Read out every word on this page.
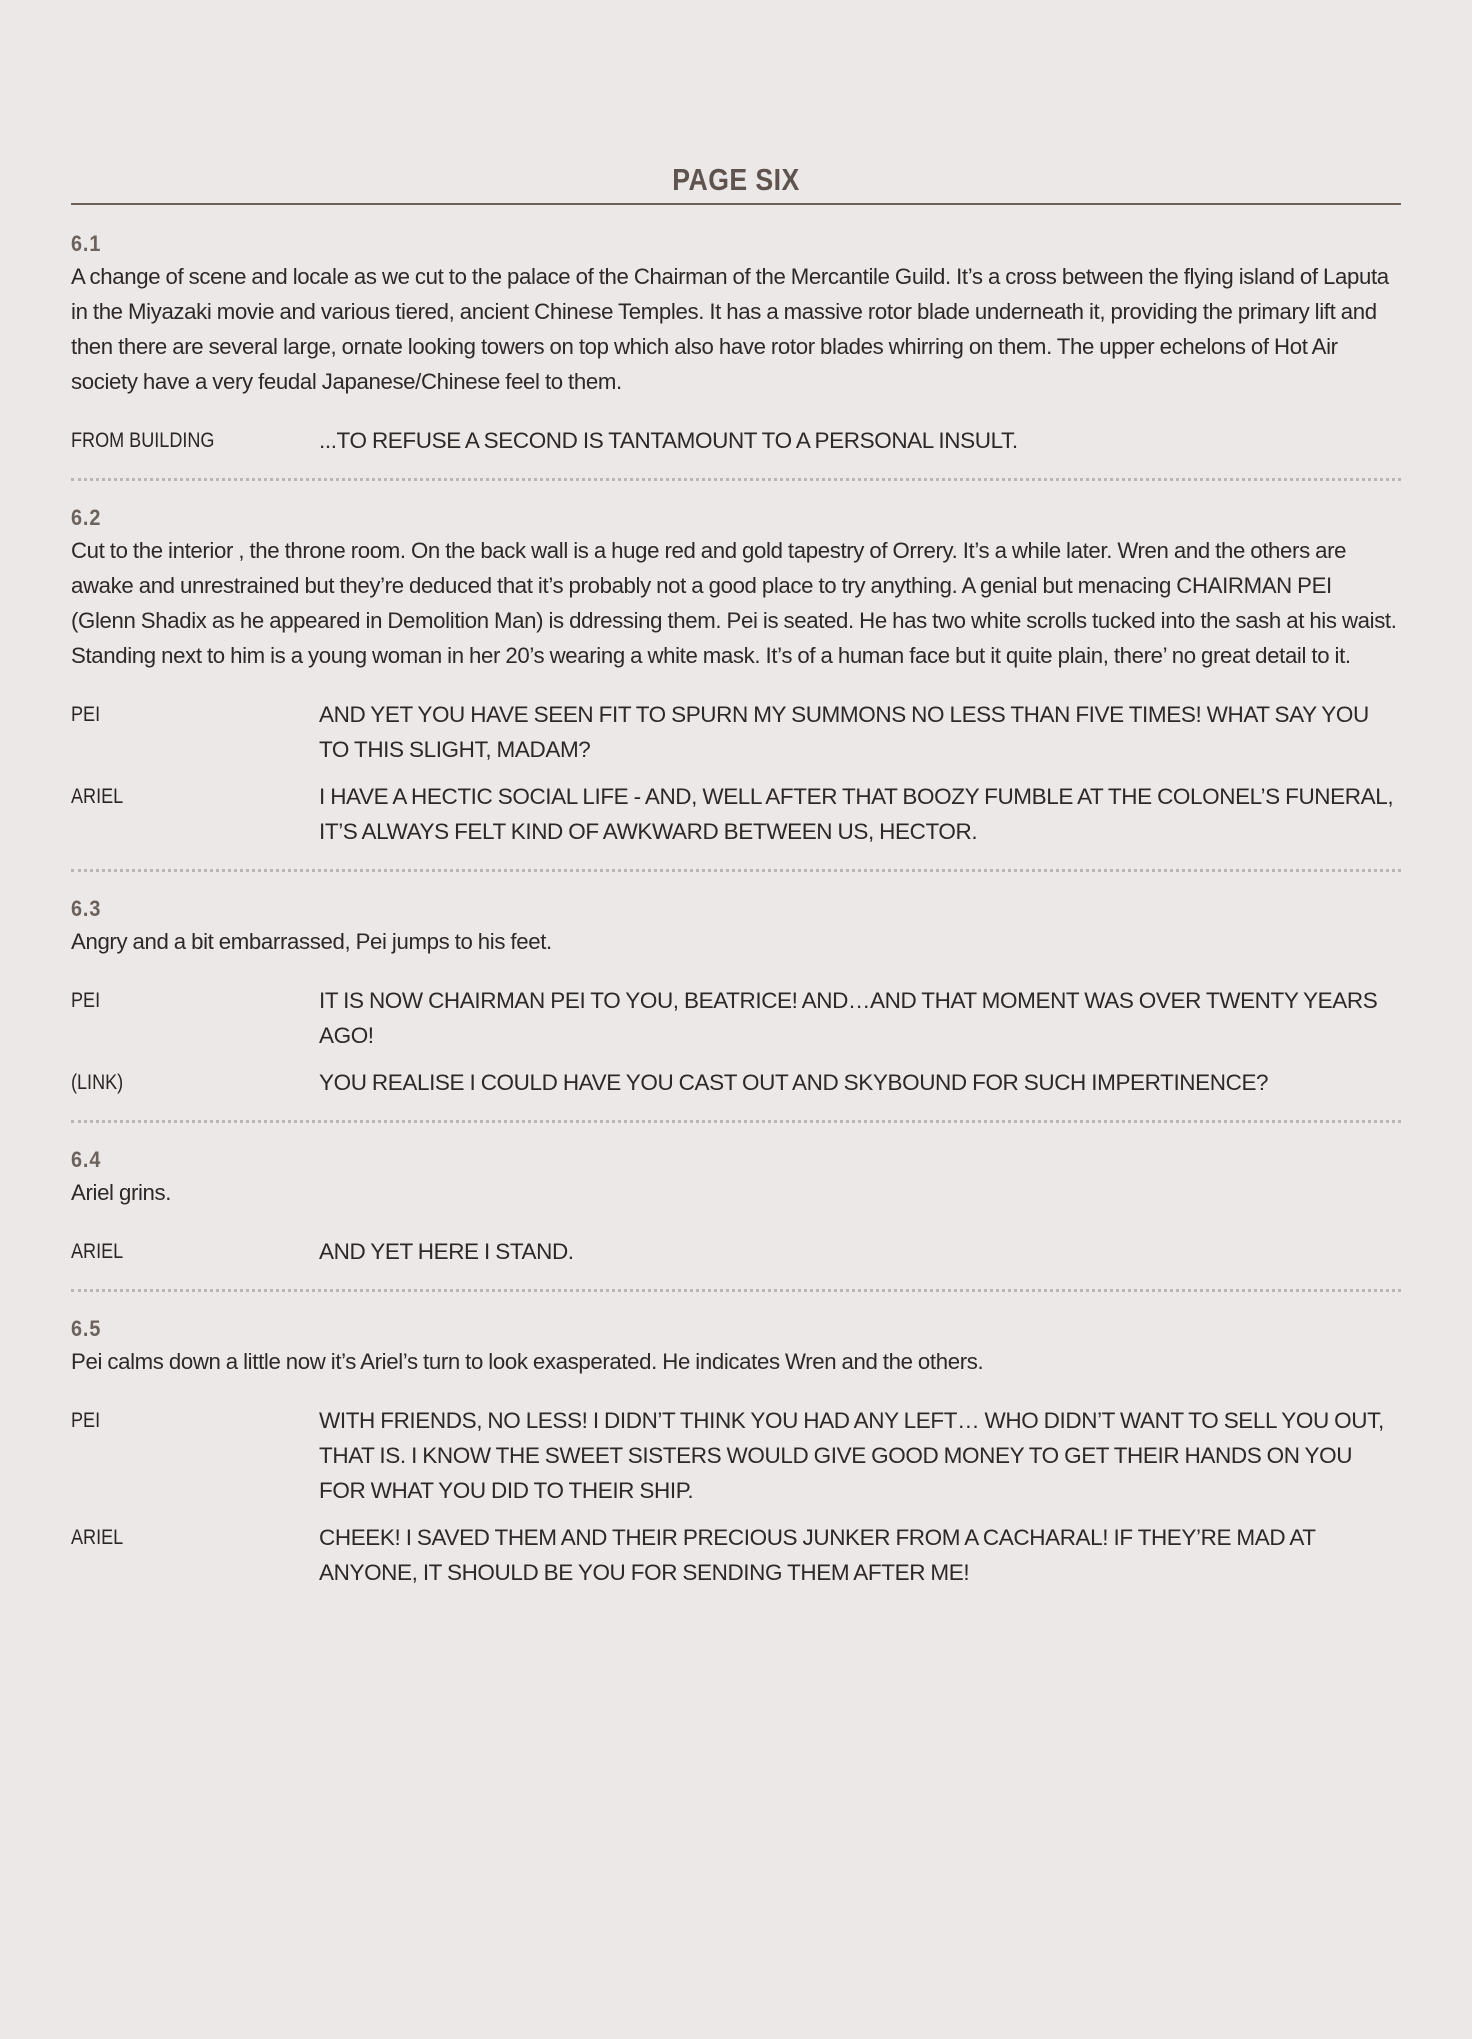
PAGE SIX
6.1
A change of scene and locale as we cut to the palace of the Chairman of the Mercantile Guild. It’s a cross between the flying island of Laputa in the Miyazaki movie and various tiered, ancient Chinese Temples. It has a massive rotor blade underneath it, providing the primary lift and then there are several large, ornate looking towers on top which also have rotor blades whirring on them. The upper echelons of Hot Air society have a very feudal Japanese/Chinese feel to them.
FROM BUILDING	...TO REFUSE A SECOND IS TANTAMOUNT TO A PERSONAL INSULT.
6.2
Cut to the interior , the throne room. On the back wall is a huge red and gold tapestry of Orrery. It’s a while later. Wren and the others are awake and unrestrained but they’re deduced that it’s probably not a good place to try anything. A genial but menacing CHAIRMAN PEI (Glenn Shadix as he appeared in Demolition Man) is ddressing them. Pei is seated. He has two white scrolls tucked into the sash at his waist. Standing next to him is a young woman in her 20’s wearing a white mask. It’s of a human face but it quite plain, there’ no great detail to it.
PEI	AND YET YOU HAVE SEEN FIT TO SPURN MY SUMMONS NO LESS THAN FIVE TIMES! WHAT SAY YOU TO THIS SLIGHT, MADAM?
ARIEL	I HAVE A HECTIC SOCIAL LIFE - AND, WELL AFTER THAT BOOZY FUMBLE AT THE COLONEL’S FUNERAL, IT’S ALWAYS FELT KIND OF AWKWARD BETWEEN US, HECTOR.
6.3
Angry and a bit embarrassed, Pei jumps to his feet.
PEI	IT IS NOW CHAIRMAN PEI TO YOU, BEATRICE! AND…AND THAT MOMENT WAS OVER TWENTY YEARS AGO!
(LINK)	YOU REALISE I COULD HAVE YOU CAST OUT AND SKYBOUND FOR SUCH IMPERTINENCE?
6.4
Ariel grins.
ARIEL	AND YET HERE I STAND.
6.5
Pei calms down a little now it’s Ariel’s turn to look exasperated. He indicates Wren and the others.
PEI	WITH FRIENDS, NO LESS! I DIDN’T THINK YOU HAD ANY LEFT… WHO DIDN’T WANT TO SELL YOU OUT, THAT IS. I KNOW THE SWEET SISTERS WOULD GIVE GOOD MONEY TO GET THEIR HANDS ON YOU FOR WHAT YOU DID TO THEIR SHIP.
ARIEL	CHEEK! I SAVED THEM AND THEIR PRECIOUS JUNKER FROM A CACHARAL! IF THEY’RE MAD AT ANYONE, IT SHOULD BE YOU FOR SENDING THEM AFTER ME!
